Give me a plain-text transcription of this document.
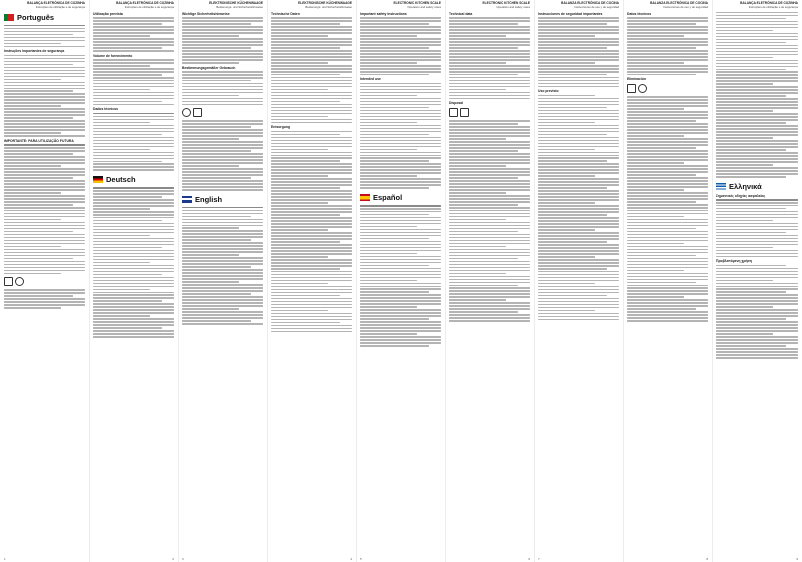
BALANÇA ELETRÓNICA DE COZINHA
Instruções de utilização e de segurança
Português
Instruções importantes de segurança
IMPORTANTE: PARA UTILIZAÇÃO FUTURA
1
BALANÇA ELETRÓNICA DE COZINHA
Instruções de utilização e de segurança
Utilização prevista
Volume de fornecimento
Dados técnicos
Deutsch
2
ELEKTRONISCHE KÜCHENWAAGE
Bedienungs- und Sicherheitshinweise
Wichtige Sicherheitshinweise
Bestimmungsgemäßer Gebrauch
English
3
ELEKTRONISCHE KÜCHENWAAGE
Bedienungs- und Sicherheitshinweise
Technische Daten
Entsorgung
4
ELECTRONIC KITCHEN SCALE
Operation and safety notes
Important safety instructions
Intended use
Español
5
ELECTRONIC KITCHEN SCALE
Operation and safety notes
Technical data
Disposal
6
BALANZA ELECTRÓNICA DE COCINA
Instrucciones de uso y de seguridad
Instrucciones de seguridad importantes
Uso previsto
7
BALANZA ELECTRÓNICA DE COCINA
Instrucciones de uso y de seguridad
Datos técnicos
Eliminación
8
BALANÇA ELETRÓNICA DE COZINHA
Instruções de utilização e de segurança
Ελληνικά
Σημαντικές οδηγίες ασφαλείας
Προβλεπόμενη χρήση
9
